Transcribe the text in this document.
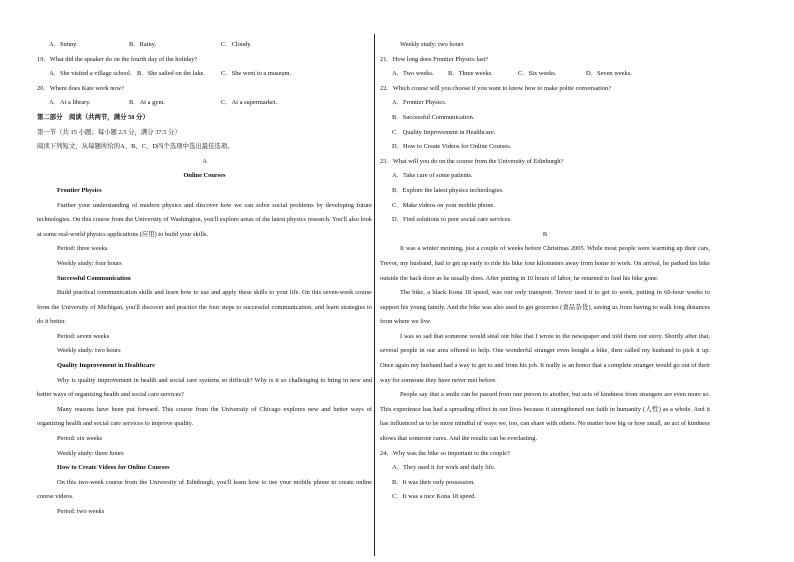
A．Sunny.	B．Rainy.	C．Cloudy.
19．What did the speaker do on the fourth day of the holiday?
A．She visited a village school. B．She sailed on the lake.	C．She went to a museum.
20．Where does Kate work now?
A．At a library.	B．At a gym.	C．At a supermarket.
第二部分　阅读（共两节，满分 50 分）
第一节（共 15 小题；每小题 2.5 分，满分 37.5 分）
阅读下列短文，从每题所给的A、B、C、D四个选项中选出最佳选项。
A
Online Courses
Frontier Physics

Further your understanding of modern physics and discover how we can solve social problems by developing future technologies. On this course from the University of Washington, you'll explore areas of the latest physics research. You'll also look at some real-world physics applications (应用) to build your skills.

Period: three weeks
Weekly study: four hours
Successful Communication

Build practical communication skills and learn how to use and apply these skills to your life. On this seven-week course from the University of Michigan, you'll discover and practice the four steps to successful communication, and learn strategies to do it better.

Period: seven weeks
Weekly study: two hours
Quality Improvement in Healthcare

Why is quality improvement in health and social care systems so difficult? Why is it so challenging to bring in new and better ways of organizing health and social care services?

Many reasons have been put forward. This course from the University of Chicago explores new and better ways of organizing health and social care services to improve quality.

Period: six weeks
Weekly study: three hours
How to Create Videos for Online Courses

On this two-week course from the University of Edinburgh, you'll learn how to use your mobile phone to create online course videos.

Period: two weeks
Weekly study: two hours
21．How long does Frontier Physics last?
A．Two weeks.	B．Three weeks.	C．Six weeks.	D．Seven weeks.
22．Which course will you choose if you want to know how to make polite conversation?
A．Frontier Physics.
B．Successful Communication.
C．Quality Improvement in Healthcare.
D．How to Create Videos for Online Courses.
23．What will you do on the course from the University of Edinburgh?
A．Take care of some patients.
B．Explore the latest physics technologies.
C．Make videos on your mobile phone.
D．Find solutions to poor social care services.
B

It was a winter morning, just a couple of weeks before Christmas 2005. While most people were warming up their cars, Trevor, my husband, had to get up early to ride his bike four kilometers away from home to work. On arrival, he parked his bike outside the back door as he usually does. After putting in 10 hours of labor, he returned to find his bike gone.

The bike, a black Kona 18 speed, was our only transport. Trevor used it to get to work, putting in 60-hour weeks to support his young family. And the bike was also used to get groceries (食品杂货), saving us from having to walk long distances from where we live.

I was so sad that someone would steal our bike that I wrote to the newspaper and told them our story. Shortly after that, several people in our area offered to help. One wonderful stranger even bought a bike, then called my husband to pick it up. Once again my husband had a way to get to and from his job. It really is an honor that a complete stranger would go out of their way for someone they have never met before.

People say that a smile can be passed from one person to another, but acts of kindness from strangers are even more so. This experience has had a spreading effect in our lives because it strengthened our faith in humanity (人性) as a whole. And it has influenced us to be more mindful of ways we, too, can share with others. No matter how big or how small, an act of kindness shows that someone cares. And the results can be everlasting.

24．Why was the bike so important to the couple?
A．They used it for work and daily life.
B．It was their only possession.
C．It was a nice Kona 18 speed.
